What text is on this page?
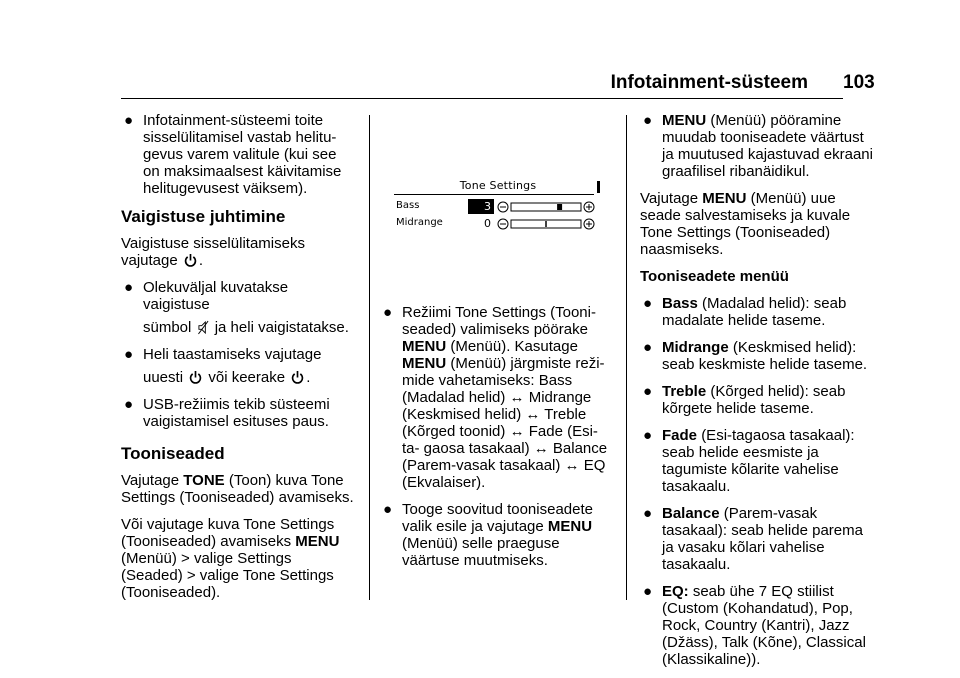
Infotainment-süsteem 103
● Infotainment-süsteemi toite sisselülitamisel vastab helitu- gevus varem valitule (kui see on maksimaalsest käivitamise helitugevusest väiksem).
Vaigistuse juhtimine

Vaigistuse sisselülitamiseks
vajutage .

● Olekuväljal kuvatakse vaigistuse
sümbol ja heli vaigistatakse.
● Heli taastamiseks vajutage
uuesti või keerake .
● USB-režiimis tekib süsteemi vaigistamisel esituses paus.
Tooniseaded

Vajutage TONE (Toon) kuva Tone Settings (Tooniseaded) avamiseks.

Või vajutage kuva Tone Settings (Tooniseaded) avamiseks MENU (Menüü) > valige Settings (Seaded) > valige Tone Settings (Tooniseaded).

Tone Settings
Bass	3
Midrange	0
● Režiimi Tone Settings (Tooni- seaded) valimiseks pöörake MENU (Menüü). Kasutage MENU (Menüü) järgmiste reži- mide vahetamiseks: Bass (Madalad helid) ↔ Midrange (Keskmised helid) ↔ Treble (Kõrged toonid) ↔ Fade (Esi-ta- gaosa tasakaal) ↔ Balance (Parem-vasak tasakaal) ↔ EQ (Ekvalaiser).
● Tooge soovitud tooniseadete valik esile ja vajutage MENU (Menüü) selle praeguse väärtuse muutmiseks.
● MENU (Menüü) pööramine muudab tooniseadete väärtust ja muutused kajastuvad ekraani graafilisel ribanäidikul.

Vajutage MENU (Menüü) uue seade salvestamiseks ja kuvale Tone Settings (Tooniseaded) naasmiseks.

Tooniseadete menüü
● Bass (Madalad helid): seab madalate helide taseme.
● Midrange (Keskmised helid): seab keskmiste helide taseme.
● Treble (Kõrged helid): seab kõrgete helide taseme.
● Fade (Esi-tagaosa tasakaal): seab helide eesmiste ja tagumiste kõlarite vahelise tasakaalu.
● Balance (Parem-vasak tasakaal): seab helide parema ja vasaku kõlari vahelise tasakaalu.
● EQ: seab ühe 7 EQ stiilist (Custom (Kohandatud), Pop, Rock, Country (Kantri), Jazz (Džäss), Talk (Kõne), Classical (Klassikaline)).
